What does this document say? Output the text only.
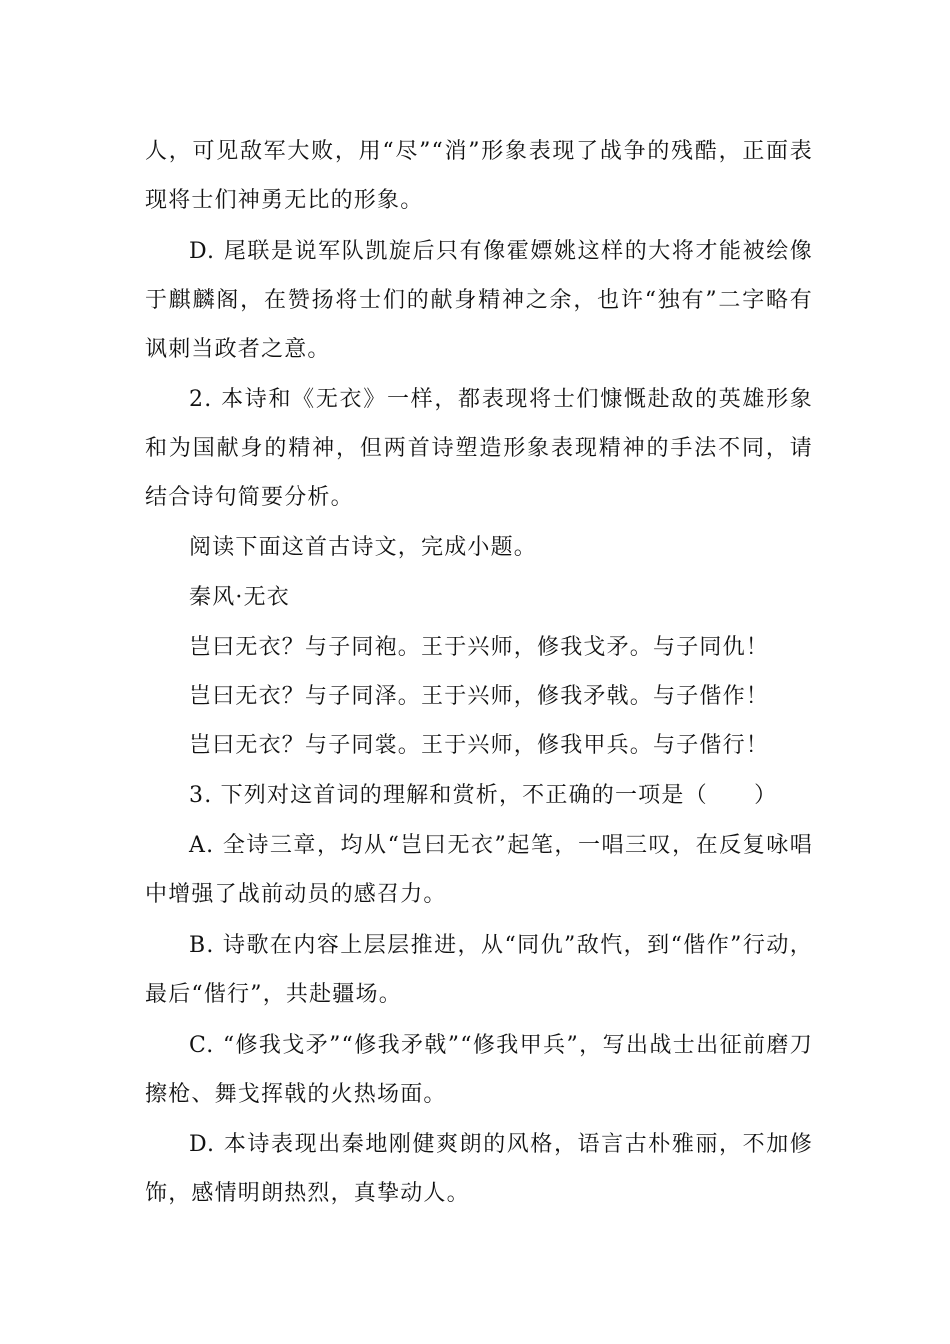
人，可见敌军大败，用“尽”“消”形象表现了战争的残酷，正面表现将士们神勇无比的形象。

D. 尾联是说军队凯旋后只有像霍嫖姚这样的大将才能被绘像于麒麟阁，在赞扬将士们的献身精神之余，也许“独有”二字略有讽刺当政者之意。

2. 本诗和《无衣》一样，都表现将士们慷慨赴敌的英雄形象和为国献身的精神，但两首诗塑造形象表现精神的手法不同，请结合诗句简要分析。

阅读下面这首古诗文，完成小题。

秦风·无衣

岂曰无衣？与子同袍。王于兴师，修我戈矛。与子同仇！

岂曰无衣？与子同泽。王于兴师，修我矛戟。与子偕作！

岂曰无衣？与子同裳。王于兴师，修我甲兵。与子偕行！

3. 下列对这首词的理解和赏析，不正确的一项是（　　）

A. 全诗三章，均从“岂曰无衣”起笔，一唱三叹，在反复咏唱中增强了战前动员的感召力。

B. 诗歌在内容上层层推进，从“同仇”敌忾，到“偕作”行动，最后“偕行”，共赴疆场。

C. “修我戈矛”“修我矛戟”“修我甲兵”，写出战士出征前磨刀擦枪、舞戈挥戟的火热场面。

D. 本诗表现出秦地刚健爽朗的风格，语言古朴雅丽，不加修饰，感情明朗热烈，真挚动人。
